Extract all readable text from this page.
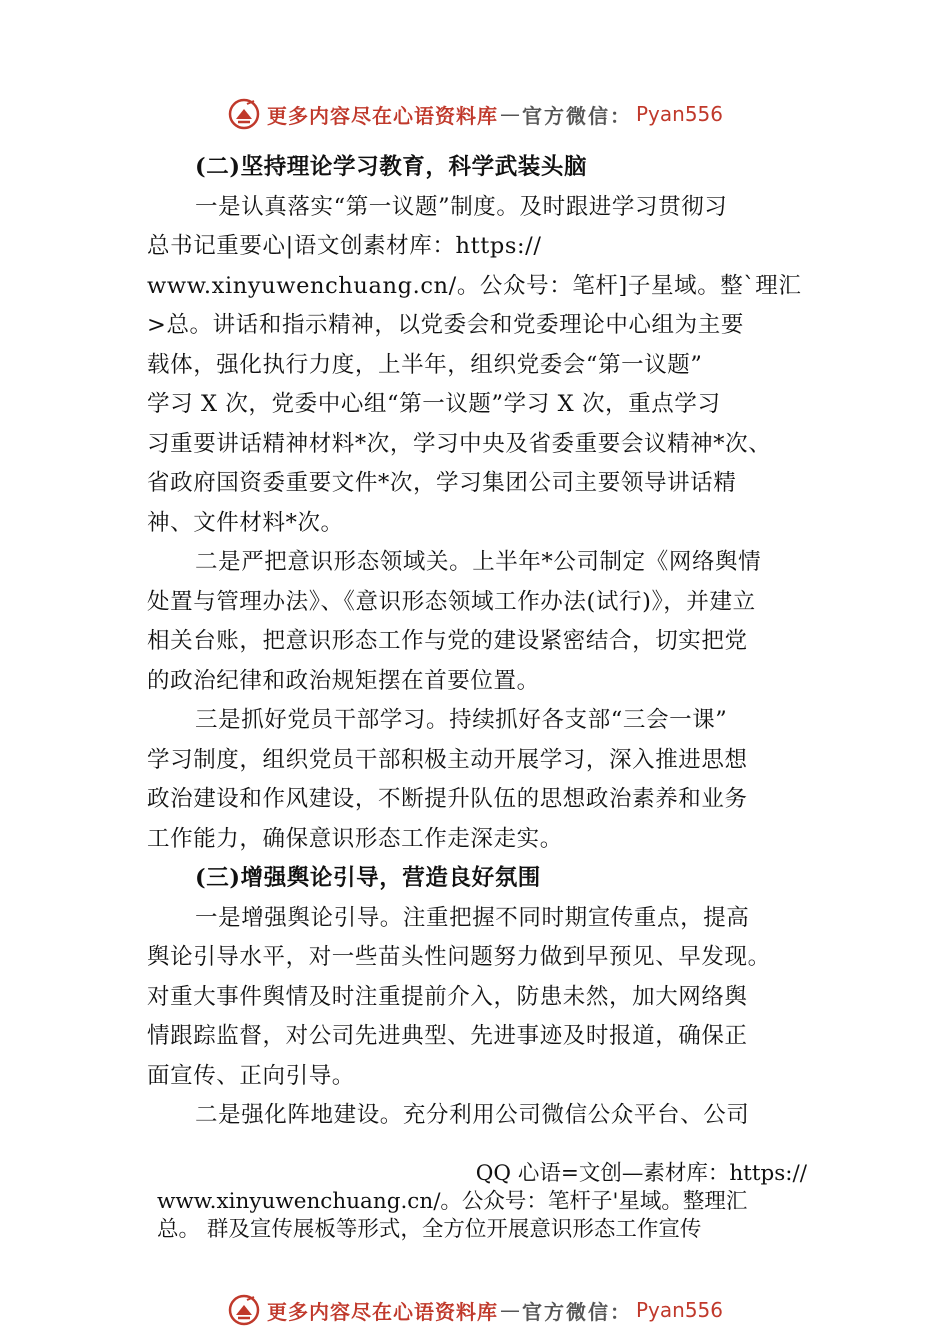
更多内容尽在心语资料库 — 官方微信： Pyan556
(二)坚持理论学习教育，科学武装头脑
一是认真落实“第一议题”制度。及时跟进学习贯彻习
总书记重要心|语文创素材库：https://
www.xinyuwenchuang.cn/。公众号：笔杆]子星域。整`理汇
>总。讲话和指示精神，以党委会和党委理论中心组为主要
载体，强化执行力度，上半年，组织党委会“第一议题”
学习 X 次，党委中心组“第一议题”学习 X 次，重点学习
习重要讲话精神材料*次，学习中央及省委重要会议精神*次、
省政府国资委重要文件*次，学习集团公司主要领导讲话精
神、文件材料*次。
二是严把意识形态领域关。上半年*公司制定《网络舆情
处置与管理办法》、《意识形态领域工作办法(试行)》，并建立
相关台账，把意识形态工作与党的建设紧密结合，切实把党
的政治纪律和政治规矩摆在首要位置。
三是抓好党员干部学习。持续抓好各支部“三会一课”
学习制度，组织党员干部积极主动开展学习，深入推进思想
政治建设和作风建设，不断提升队伍的思想政治素养和业务
工作能力，确保意识形态工作走深走实。
(三)增强舆论引导，营造良好氛围
一是增强舆论引导。注重把握不同时期宣传重点，提高
舆论引导水平，对一些苗头性问题努力做到早预见、早发现。
对重大事件舆情及时注重提前介入，防患未然，加大网络舆
情跟踪监督，对公司先进典型、先进事迹及时报道，确保正
面宣传、正向引导。
二是强化阵地建设。充分利用公司微信公众平台、公司
QQ 心语=文创—素材库：https://
www.xinyuwenchuang.cn/。公众号：笔杆子'星域。整理汇
总。 群及宣传展板等形式，全方位开展意识形态工作宣传
更多内容尽在心语资料库 — 官方微信： Pyan556
